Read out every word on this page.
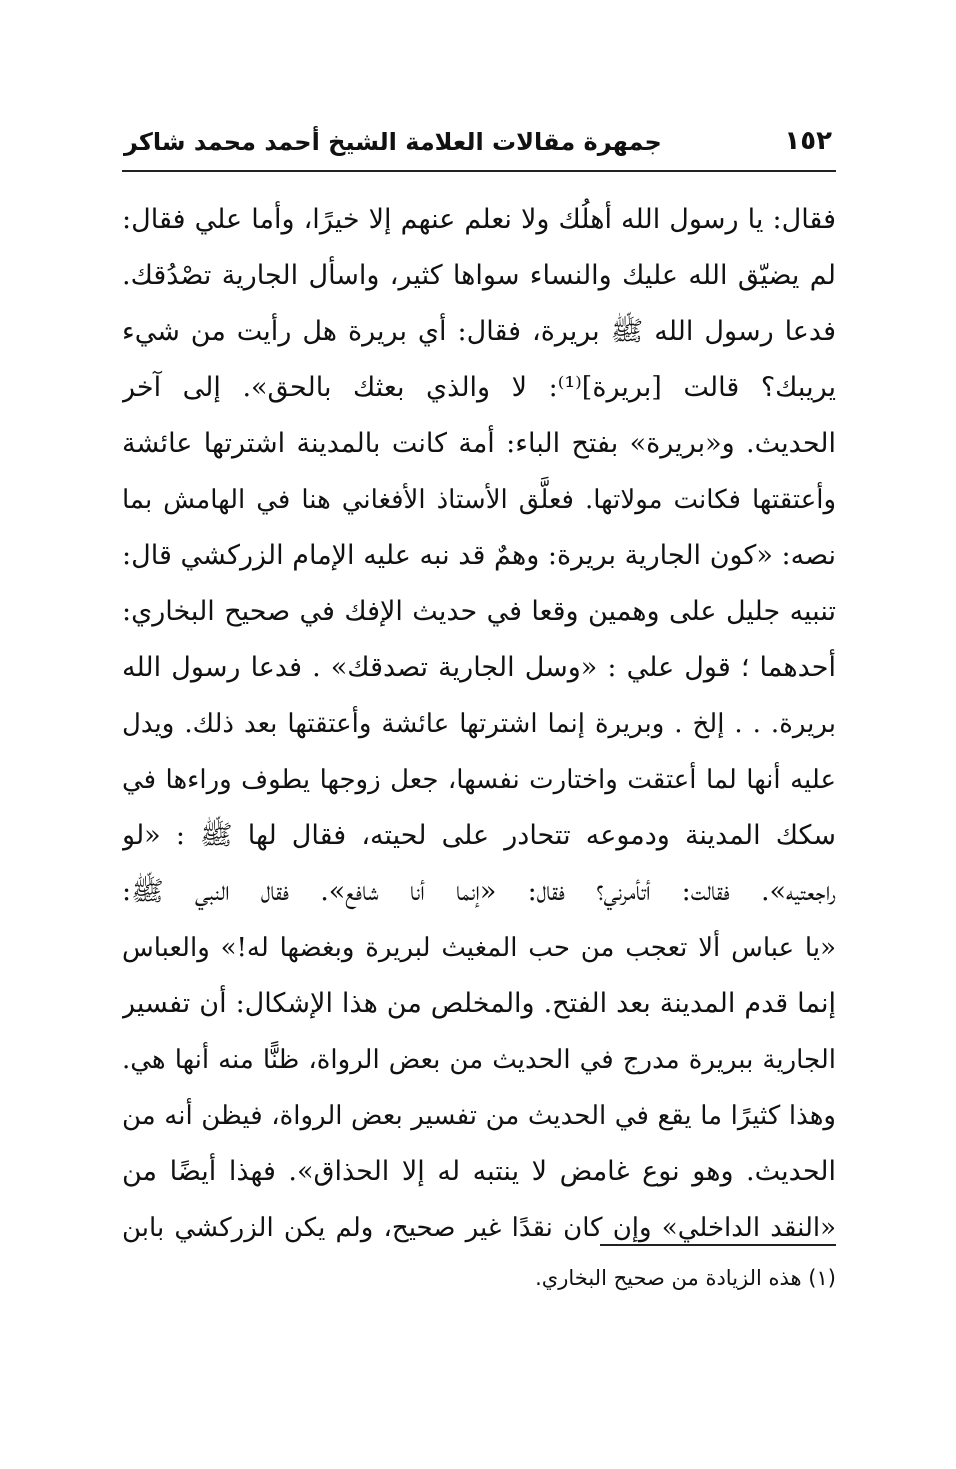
١٥٢
جمهرة مقالات العلامة الشيخ أحمد محمد شاكر
فقال: يا رسول الله أهلُك ولا نعلم عنهم إلا خيرًا، وأما علي فقال:
لم يضيّق الله عليك والنساء سواها كثير، واسأل الجارية تصْدُقك.
فدعا رسول الله ﷺ بريرة، فقال: أي بريرة هل رأيت من شيء
يريبك؟ قالت [بريرة]⁽¹⁾: لا والذي بعثك بالحق». إلى آخر
الحديث. و«بريرة» بفتح الباء: أمة كانت بالمدينة اشترتها عائشة
وأعتقتها فكانت مولاتها. فعلَّق الأستاذ الأفغاني هنا في الهامش بما
نصه: «كون الجارية بريرة: وهمٌ قد نبه عليه الإمام الزركشي قال:
تنبيه جليل على وهمين وقعا في حديث الإفك في صحيح البخاري:
أحدهما ؛ قول علي : «وسل الجارية تصدقك» . فدعا رسول الله
بريرة. . . إلخ . وبريرة إنما اشترتها عائشة وأعتقتها بعد ذلك. ويدل
عليه أنها لما أعتقت واختارت نفسها، جعل زوجها يطوف وراءها في
سكك المدينة ودموعه تتحادر على لحيته، فقال لها ﷺ : «لو
راجعتيه». فقالت: أتأمرني؟ فقال: «إنما أنا شافع». فقال النبي ﷺ:
«يا عباس ألا تعجب من حب المغيث لبريرة وبغضها له!» والعباس
إنما قدم المدينة بعد الفتح. والمخلص من هذا الإشكال: أن تفسير
الجارية ببريرة مدرج في الحديث من بعض الرواة، ظنًّا منه أنها هي.
وهذا كثيرًا ما يقع في الحديث من تفسير بعض الرواة، فيظن أنه من
الحديث. وهو نوع غامض لا ينتبه له إلا الحذاق». فهذا أيضًا من
«النقد الداخلي» وإن كان نقدًا غير صحيح، ولم يكن الزركشي بابن
(١) هذه الزيادة من صحيح البخاري.
